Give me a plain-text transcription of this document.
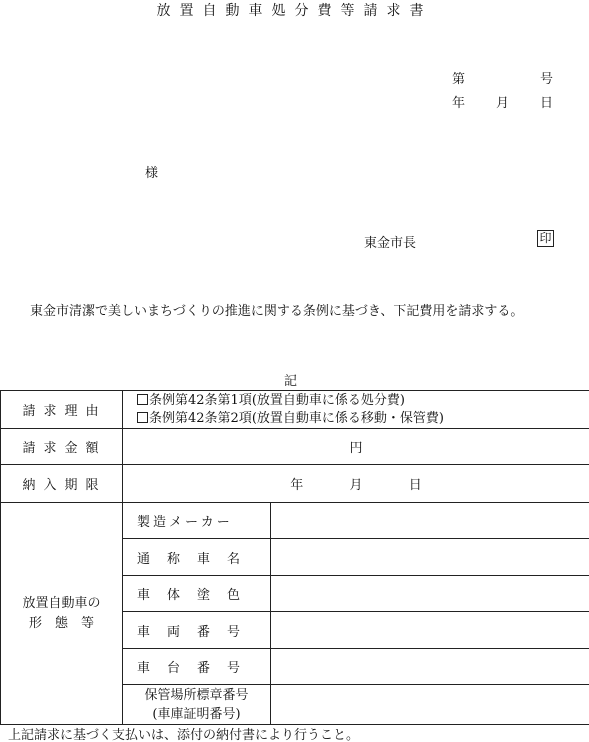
放置自動車処分費等請求書
第	号
年 月 日
様
東金市長	印
東金市清潔で美しいまちづくりの推進に関する条例に基づき、下記費用を請求する。
記
請求理由	条例第42条第1項(放置自動車に係る処分費)
条例第42条第2項(放置自動車に係る移動・保管費)	

請求金額	円	
納入期限	年 月 日	

放置自動車の
形　態　等	製造メーカー	
	通称車名	
	車体塗色	
	車両番号	
	車台番号	

	保管場所標章番号
(車庫証明番号)	

上記請求に基づく支払いは、添付の納付書により行うこと。
